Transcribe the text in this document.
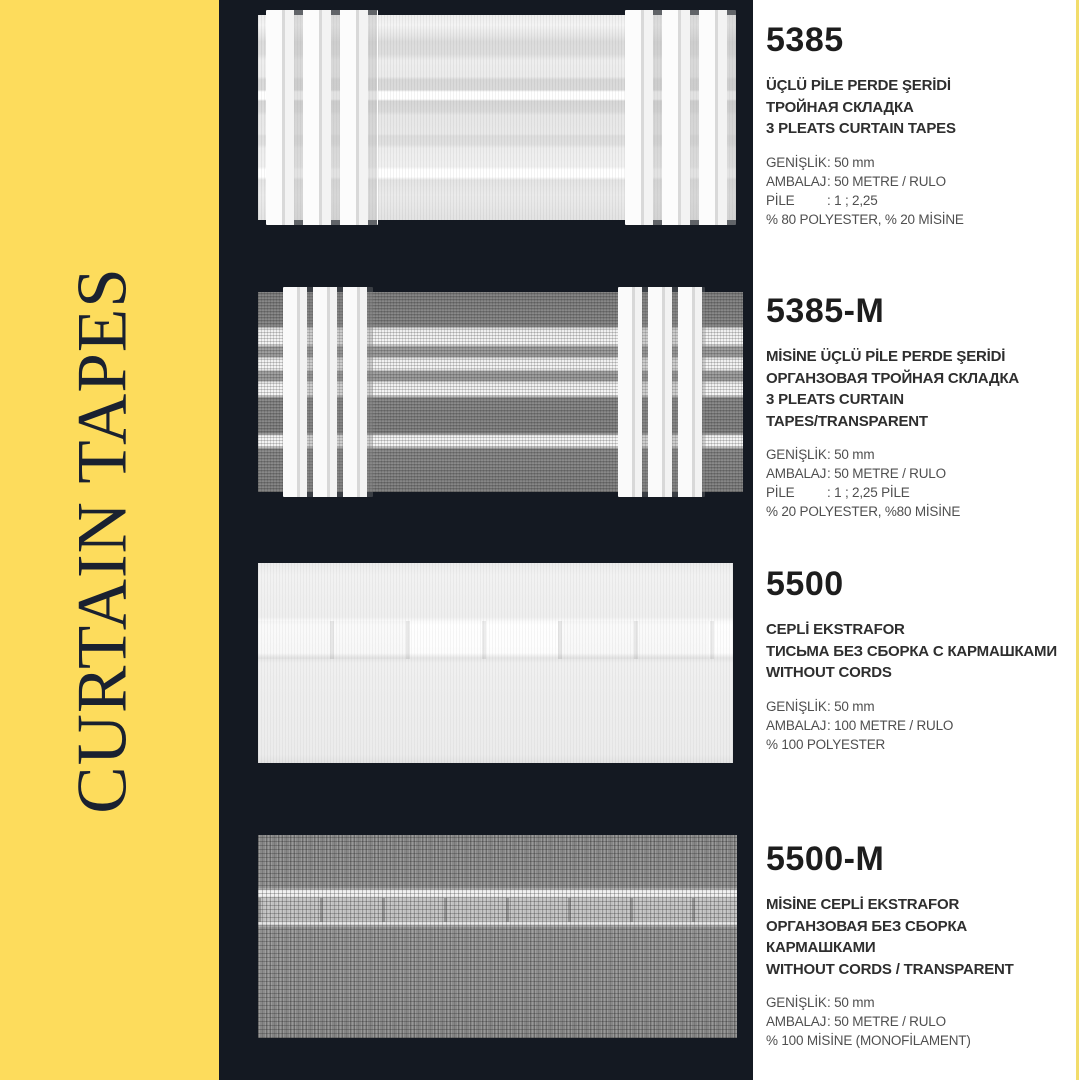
CURTAIN TAPES
5385

ÜÇLÜ PİLE PERDE ŞERİDİ

ТРОЙНАЯ СКЛАДКА

3 PLEATS CURTAIN TAPES

GENİŞLİK : 50 mm
AMBALAJ : 50 METRE / RULO
PİLE	: 1 ; 2,25

% 80 POLYESTER, % 20 MİSİNE

5385-M

MİSİNE ÜÇLÜ PİLE PERDE ŞERİDİ

ОРГАНЗОВАЯ ТРОЙНАЯ СКЛАДКА

3 PLEATS CURTAIN TAPES/TRANSPARENT

GENİŞLİK : 50 mm
AMBALAJ : 50 METRE / RULO
PİLE	: 1 ; 2,25 PİLE

% 20 POLYESTER, %80 MİSİNE

5500

CEPLİ EKSTRAFOR

ТИСЬМА БЕЗ СБОРКА С КАРМАШКАМИ

WITHOUT CORDS

GENİŞLİK : 50 mm
AMBALAJ : 100 METRE / RULO

% 100 POLYESTER

5500-M

MİSİNE CEPLİ EKSTRAFOR

ОРГАНЗОВАЯ БЕЗ СБОРКА КАРМАШКАМИ

WITHOUT CORDS / TRANSPARENT

GENİŞLİK : 50 mm
AMBALAJ : 50 METRE / RULO

% 100 MİSİNE (MONOFİLAMENT)
